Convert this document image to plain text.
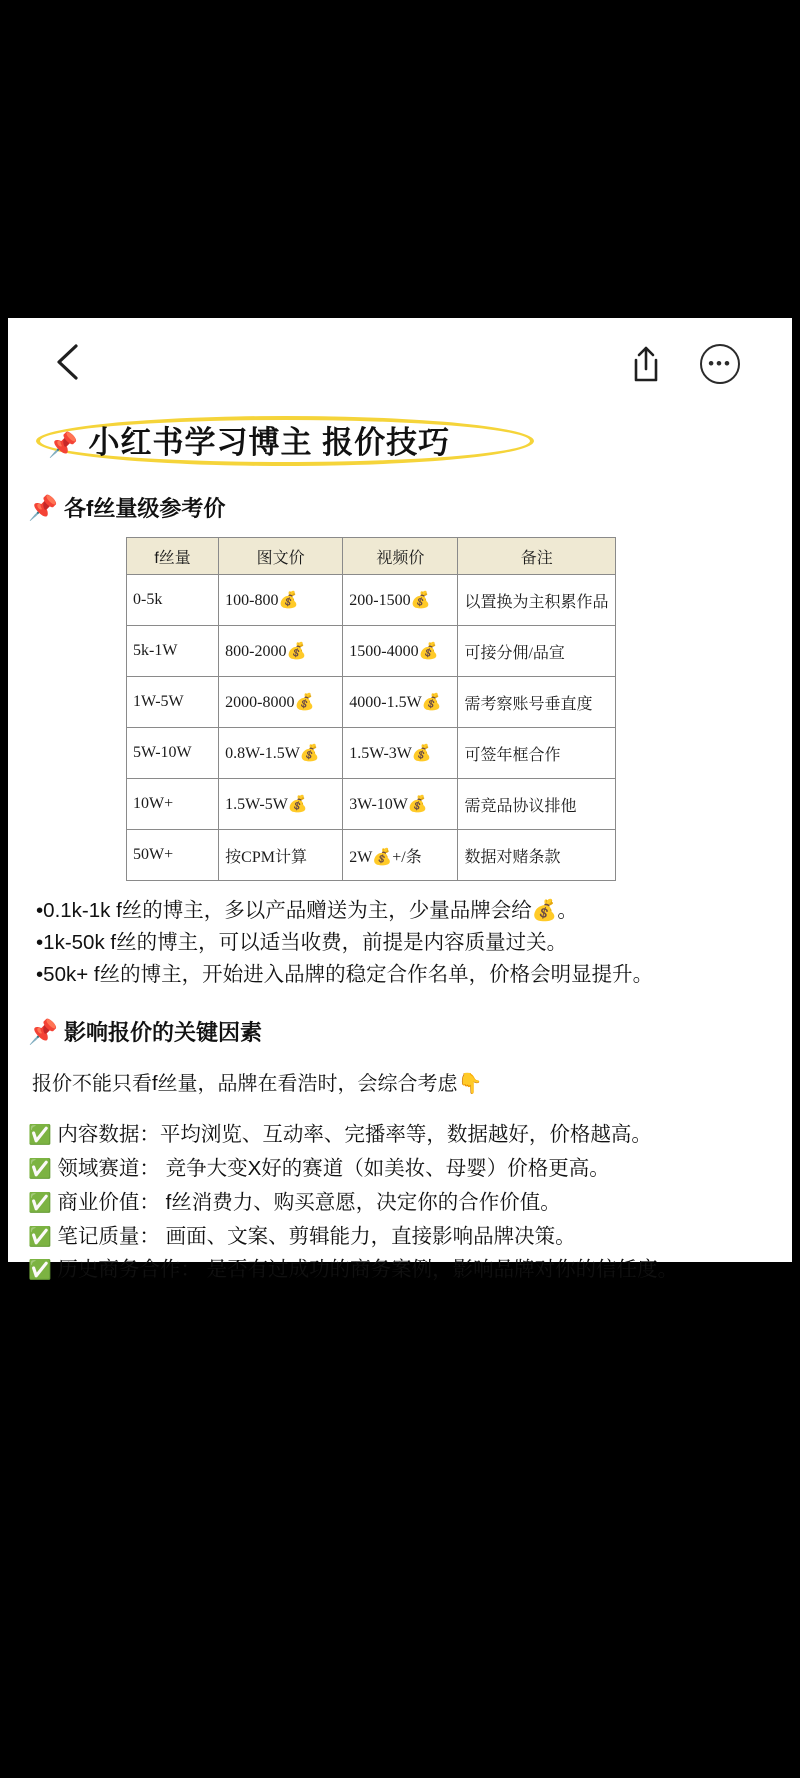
•••
📌 小红书学习博主 报价技巧
📌 各f丝量级参考价
f丝量	图文价	视频价	备注
0-5k	100-800💰	200-1500💰	以置换为主积累作品
5k-1W	800-2000💰	1500-4000💰	可接分佣/品宣
1W-5W	2000-8000💰	4000-1.5W💰	需考察账号垂直度
5W-10W	0.8W-1.5W💰	1.5W-3W💰	可签年框合作
10W+	1.5W-5W💰	3W-10W💰	需竞品协议排他
50W+	按CPM计算	2W💰+/条	数据对赌条款
•0.1k-1k f丝的博主，多以产品赠送为主，少量品牌会给💰。
•1k-50k f丝的博主，可以适当收费，前提是内容质量过关。
•50k+ f丝的博主，开始进入品牌的稳定合作名单，价格会明显提升。
📌 影响报价的关键因素
报价不能只看f丝量，品牌在看浩时，会综合考虑👇
✅ 内容数据：平均浏览、互动率、完播率等，数据越好，价格越高。
✅ 领域赛道： 竞争大变X好的赛道（如美妆、母婴）价格更高。
✅ 商业价值： f丝消费力、购买意愿，决定你的合作价值。
✅ 笔记质量： 画面、文案、剪辑能力，直接影响品牌决策。
✅ 历史商务合作： 是否有过成功的商务案例，影响品牌对你的信任度。
